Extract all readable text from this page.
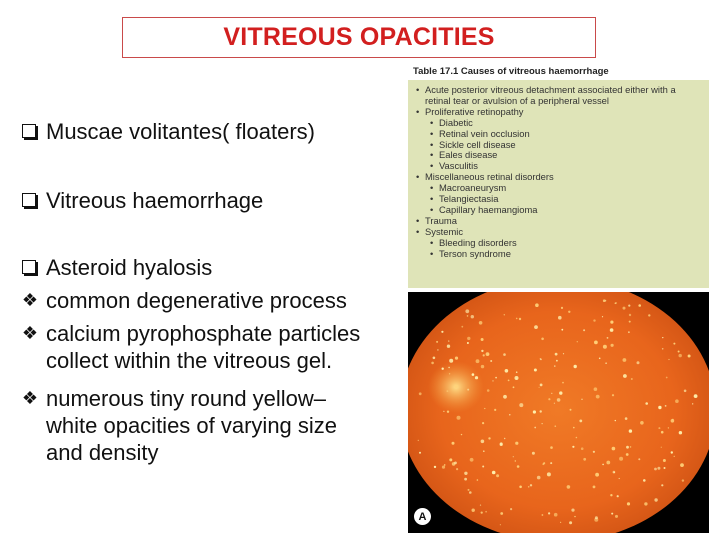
VITREOUS OPACITIES
Muscae volitantes( floaters)
Vitreous haemorrhage
Asteroid hyalosis
❖ common degenerative process
❖ calcium pyrophosphate particles collect within the vitreous gel.
❖ numerous tiny round yellow– white opacities of varying size and density
Table 17.1 Causes of vitreous haemorrhage
• Acute posterior vitreous detachment associated either with a retinal tear or avulsion of a peripheral vessel
• Proliferative retinopathy
• Diabetic
• Retinal vein occlusion
• Sickle cell disease
• Eales disease
• Vasculitis
• Miscellaneous retinal disorders
• Macroaneurysm
• Telangiectasia
• Capillary haemangioma
• Trauma
• Systemic
• Bleeding disorders
• Terson syndrome
A
